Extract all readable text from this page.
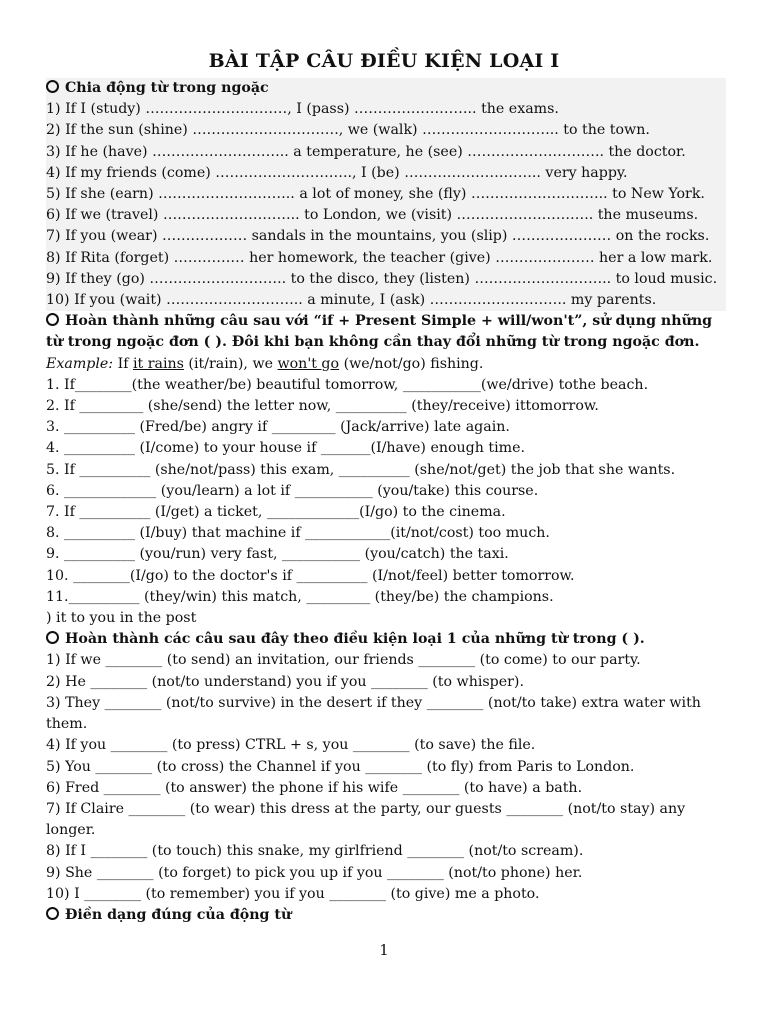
BÀI TẬP CÂU ĐIỀU KIỆN LOẠI I
Chia động từ trong ngoặc
1) If I (study) …………………………, I (pass) …………………….. the exams.
2) If the sun (shine) …………………………., we (walk) ……………………….. to the town.
3) If he (have) ……………………….. a temperature, he (see) ……………………….. the doctor.
4) If my friends (come) ……………………….., I (be) ……………………….. very happy.
5) If she (earn) ……………………….. a lot of money, she (fly) ……………………….. to New York.
6) If we (travel) ……………………….. to London, we (visit) ……………………….. the museums.
7) If you (wear) ……………… sandals in the mountains, you (slip) ………………… on the rocks.
8) If Rita (forget) …………… her homework, the teacher (give) ………………… her a low mark.
9) If they (go) ……………………….. to the disco, they (listen) ……………………….. to loud music.
10) If you (wait) ……………………….. a minute, I (ask) ……………………….. my parents.
Hoàn thành những câu sau với “if + Present Simple + will/won't”, sử dụng những từ trong ngoặc đơn ( ). Đôi khi bạn không cần thay đổi những từ trong ngoặc đơn.
Example: If it rains (it/rain), we won't go (we/not/go) fishing.
1. If________(the weather/be) beautiful tomorrow, ___________(we/drive) tothe beach.
2. If _________ (she/send) the letter now, __________ (they/receive) ittomorrow.
3. __________ (Fred/be) angry if _________ (Jack/arrive) late again.
4. __________ (I/come) to your house if _______(I/have) enough time.
5. If __________ (she/not/pass) this exam, __________ (she/not/get) the job that she wants.
6. _____________ (you/learn) a lot if ___________ (you/take) this course.
7. If __________ (I/get) a ticket, _____________(I/go) to the cinema.
8. __________ (I/buy) that machine if ____________(it/not/cost) too much.
9. __________ (you/run) very fast, ___________ (you/catch) the taxi.
10. ________(I/go) to the doctor's if __________ (I/not/feel) better tomorrow.
11.__________ (they/win) this match, _________ (they/be) the champions.
) it to you in the post
Hoàn thành các câu sau đây theo điều kiện loại 1 của những từ trong ( ).
1) If we ________ (to send) an invitation, our friends ________ (to come) to our party.
2) He ________ (not/to understand) you if you ________ (to whisper).
3) They ________ (not/to survive) in the desert if they ________ (not/to take) extra water with them.
4) If you ________ (to press) CTRL + s, you ________ (to save) the file.
5) You ________ (to cross) the Channel if you ________ (to fly) from Paris to London.
6) Fred ________ (to answer) the phone if his wife ________ (to have) a bath.
7) If Claire ________ (to wear) this dress at the party, our guests ________ (not/to stay) any longer.
8) If I ________ (to touch) this snake, my girlfriend ________ (not/to scream).
9) She ________ (to forget) to pick you up if you ________ (not/to phone) her.
10) I ________ (to remember) you if you ________ (to give) me a photo.
Điền dạng đúng của động từ
1
